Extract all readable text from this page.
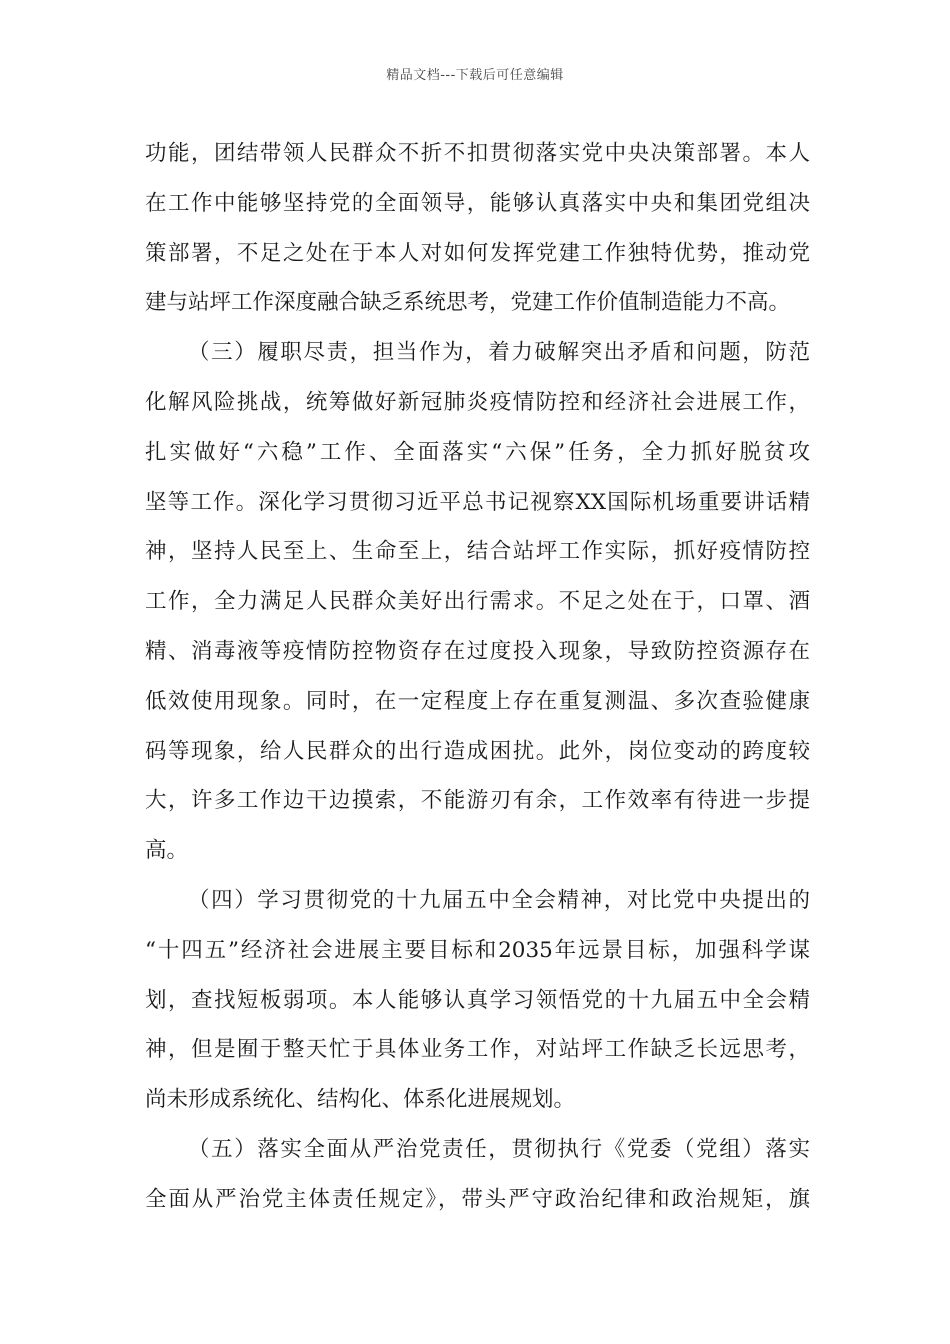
精品文档---下载后可任意编辑
功能，团结带领人民群众不折不扣贯彻落实党中央决策部署。本人
在工作中能够坚持党的全面领导，能够认真落实中央和集团党组决
策部署，不足之处在于本人对如何发挥党建工作独特优势，推动党
建与站坪工作深度融合缺乏系统思考，党建工作价值制造能力不高。
（三）履职尽责，担当作为，着力破解突出矛盾和问题，防范
化解风险挑战，统筹做好新冠肺炎疫情防控和经济社会进展工作，
扎实做好“六稳”工作、全面落实“六保”任务，全力抓好脱贫攻
坚等工作。深化学习贯彻习近平总书记视察XX国际机场重要讲话精
神，坚持人民至上、生命至上，结合站坪工作实际，抓好疫情防控
工作，全力满足人民群众美好出行需求。不足之处在于，口罩、酒
精、消毒液等疫情防控物资存在过度投入现象，导致防控资源存在
低效使用现象。同时，在一定程度上存在重复测温、多次查验健康
码等现象，给人民群众的出行造成困扰。此外，岗位变动的跨度较
大，许多工作边干边摸索，不能游刃有余，工作效率有待进一步提
高。
（四）学习贯彻党的十九届五中全会精神，对比党中央提出的
“十四五”经济社会进展主要目标和2035年远景目标，加强科学谋
划，查找短板弱项。本人能够认真学习领悟党的十九届五中全会精
神，但是囿于整天忙于具体业务工作，对站坪工作缺乏长远思考，
尚未形成系统化、结构化、体系化进展规划。
（五）落实全面从严治党责任，贯彻执行《党委（党组）落实
全面从严治党主体责任规定》，带头严守政治纪律和政治规矩，旗
